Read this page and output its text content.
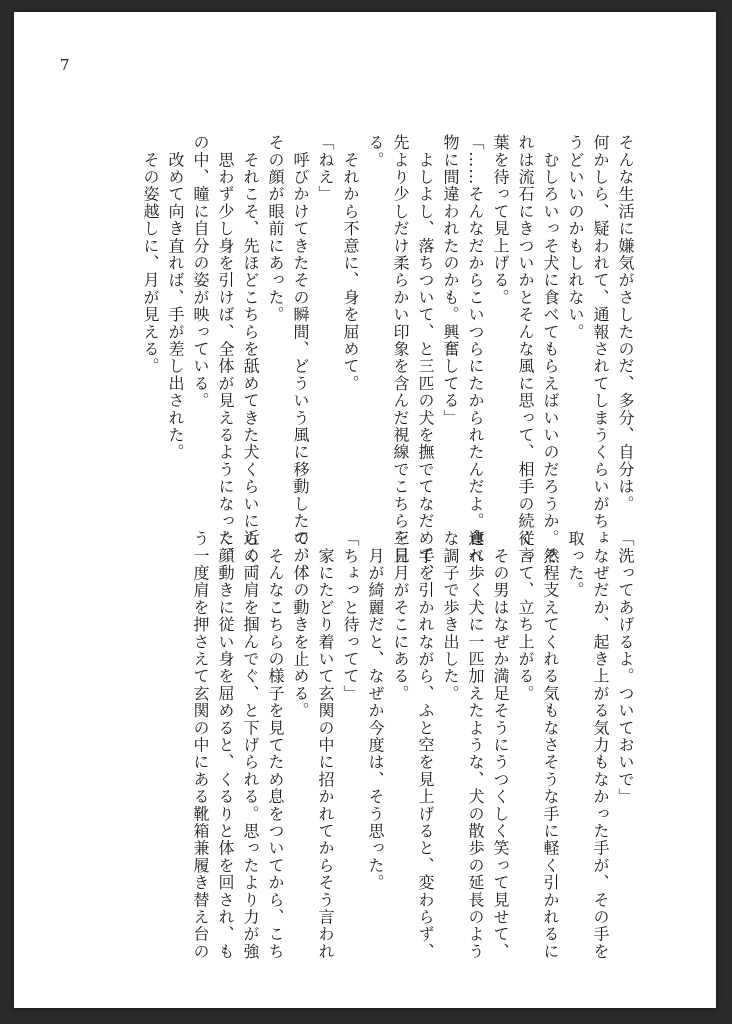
7
そんな生活に嫌気がさしたのだ、多分、自分は。
何かしら、疑われて、通報されてしまうくらいがちょ
うどいいのかもしれない。
　むしろいっそ犬に食べてもらえばいいのだろうか。そ
れは流石にきついかとそんな風に思って、相手の続く言
葉を待って見上げる。
「……そんなだからこいつらにたかられたんだよ。食べ
物に間違われたのかも。興奮してる」
　よしよし、落ちついて、と三匹の犬を撫でてなだめて、
先より少しだけ柔らかい印象を含んだ視線でこちらを見
る。
　それから不意に、身を屈めて。
「ねえ」
　呼びかけてきたその瞬間、どういう風に移動したのか、
その顔が眼前にあった。
　それこそ、先ほどこちらを舐めてきた犬くらいに近く。
　思わず少し身を引けば、全体が見えるようになった顔
の中、瞳に自分の姿が映っている。
　改めて向き直れば、手が差し出された。
　その姿越しに、月が見える。
「洗ってあげるよ。ついておいで」
　なぜだか、起き上がる気力もなかった手が、その手を
取った。
　然程支えてくれる気もなさそうな手に軽く引かれるに
従って、立ち上がる。
　その男はなぜか満足そうにうつくしく笑って見せて、
連れ歩く犬に一匹加えたような、犬の散歩の延長のよう
な調子で歩き出した。
　手を引かれながら、ふと空を見上げると、変わらず、
三日月がそこにある。
　月が綺麗だと、なぜか今度は、そう思った。
「ちょっと待ってて」
　家にたどり着いて玄関の中に招かれてからそう言われ
て、体の動きを止める。
　そんなこちらの様子を見てため息をついてから、こち
らの両肩を掴んでぐ、と下げられる。思ったより力が強
く、動きに従い身を屈めると、くるりと体を回され、も
う一度肩を押さえて玄関の中にある靴箱兼履き替え台の
